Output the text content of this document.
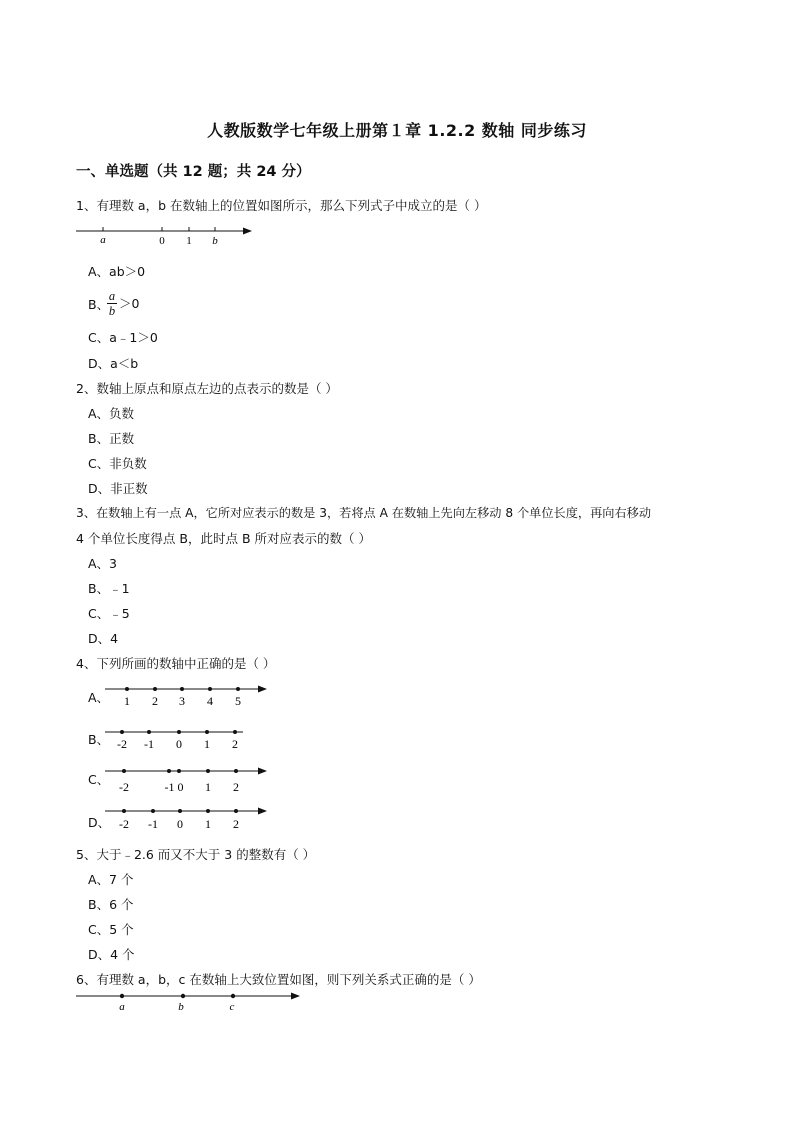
人教版数学七年级上册第１章 1.2.2 数轴 同步练习
一、单选题（共 12 题；共 24 分）
1、有理数 a，b 在数轴上的位置如图所示，那么下列式子中成立的是（ ）
a	0 1 b
A、ab＞0
B、
a
b ＞0
C、a﹣1＞0
D、a＜b
2、数轴上原点和原点左边的点表示的数是（ ）
A、负数
B、正数
C、非负数
D、非正数
3、在数轴上有一点 A，它所对应表示的数是 3，若将点 A 在数轴上先向左移动 8 个单位长度，再向右移动
4 个单位长度得点 B，此时点 B 所对应表示的数（ ）
A、3
B、﹣1
C、﹣5
D、4
4、下列所画的数轴中正确的是（ ）
A、 1 2 3 4 5
B、 -2 -1 0 1 2
C、 -2	-1 0 1 2
D、 -2 -1 0 1 2
5、大于﹣2.6 而又不大于 3 的整数有（ ）
A、7 个
B、6 个
C、5 个
D、4 个
6、有理数 a，b，c 在数轴上大致位置如图，则下列关系式正确的是（ ）
a	b	c
